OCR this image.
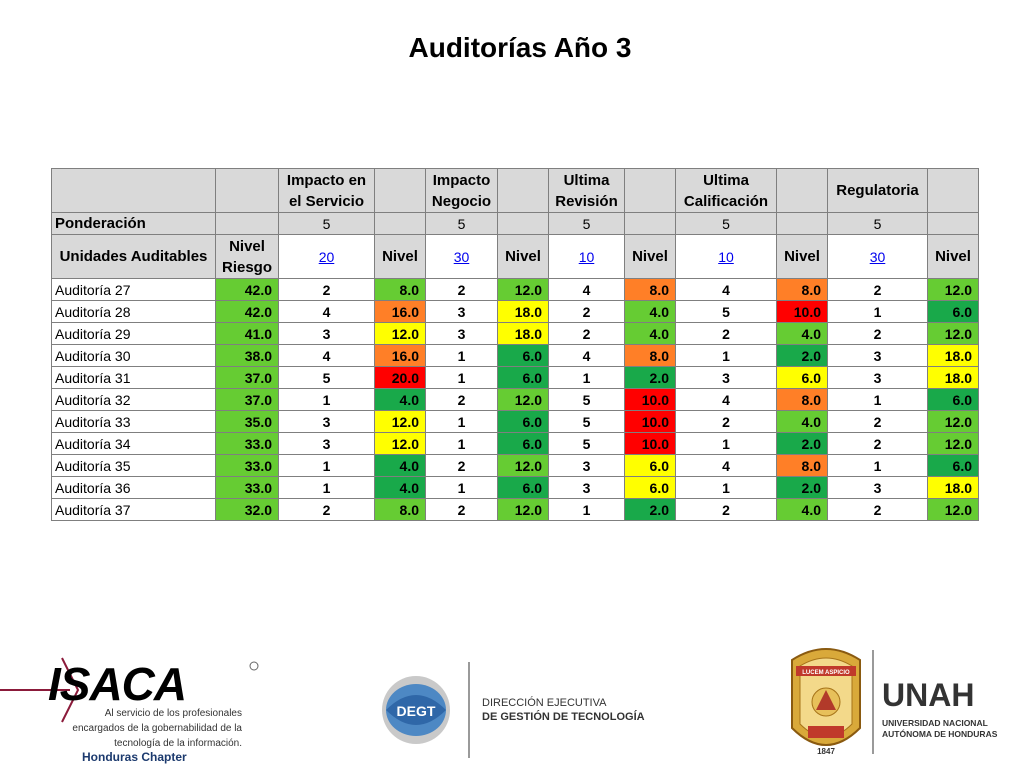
Auditorías Año 3
		Impacto en el Servicio		Impacto Negocio		Ultima Revisión		Ultima Calificación		Regulatoria	
Ponderación		5		5		5		5		5	
Unidades Auditables	Nivel Riesgo	20	Nivel	30	Nivel	10	Nivel	10	Nivel	30	Nivel
Auditoría 27	42.0	2	8.0	2	12.0	4	8.0	4	8.0	2	12.0
Auditoría 28	42.0	4	16.0	3	18.0	2	4.0	5	10.0	1	6.0
Auditoría 29	41.0	3	12.0	3	18.0	2	4.0	2	4.0	2	12.0
Auditoría 30	38.0	4	16.0	1	6.0	4	8.0	1	2.0	3	18.0
Auditoría 31	37.0	5	20.0	1	6.0	1	2.0	3	6.0	3	18.0
Auditoría 32	37.0	1	4.0	2	12.0	5	10.0	4	8.0	1	6.0
Auditoría 33	35.0	3	12.0	1	6.0	5	10.0	2	4.0	2	12.0
Auditoría 34	33.0	3	12.0	1	6.0	5	10.0	1	2.0	2	12.0
Auditoría 35	33.0	1	4.0	2	12.0	3	6.0	4	8.0	1	6.0
Auditoría 36	33.0	1	4.0	1	6.0	3	6.0	1	2.0	3	18.0
Auditoría 37	32.0	2	8.0	2	12.0	1	2.0	2	4.0	2	12.0
ISACA
Al servicio de los profesionales
encargados de la gobernabilidad de la
tecnología de la información.
Honduras Chapter
DEGT	DIRECCIÓN EJECUTIVA
DE GESTIÓN DE TECNOLOGÍA
LUCEM ASPICIO
1847
UNAH
UNIVERSIDAD NACIONAL
AUTÓNOMA DE HONDURAS
